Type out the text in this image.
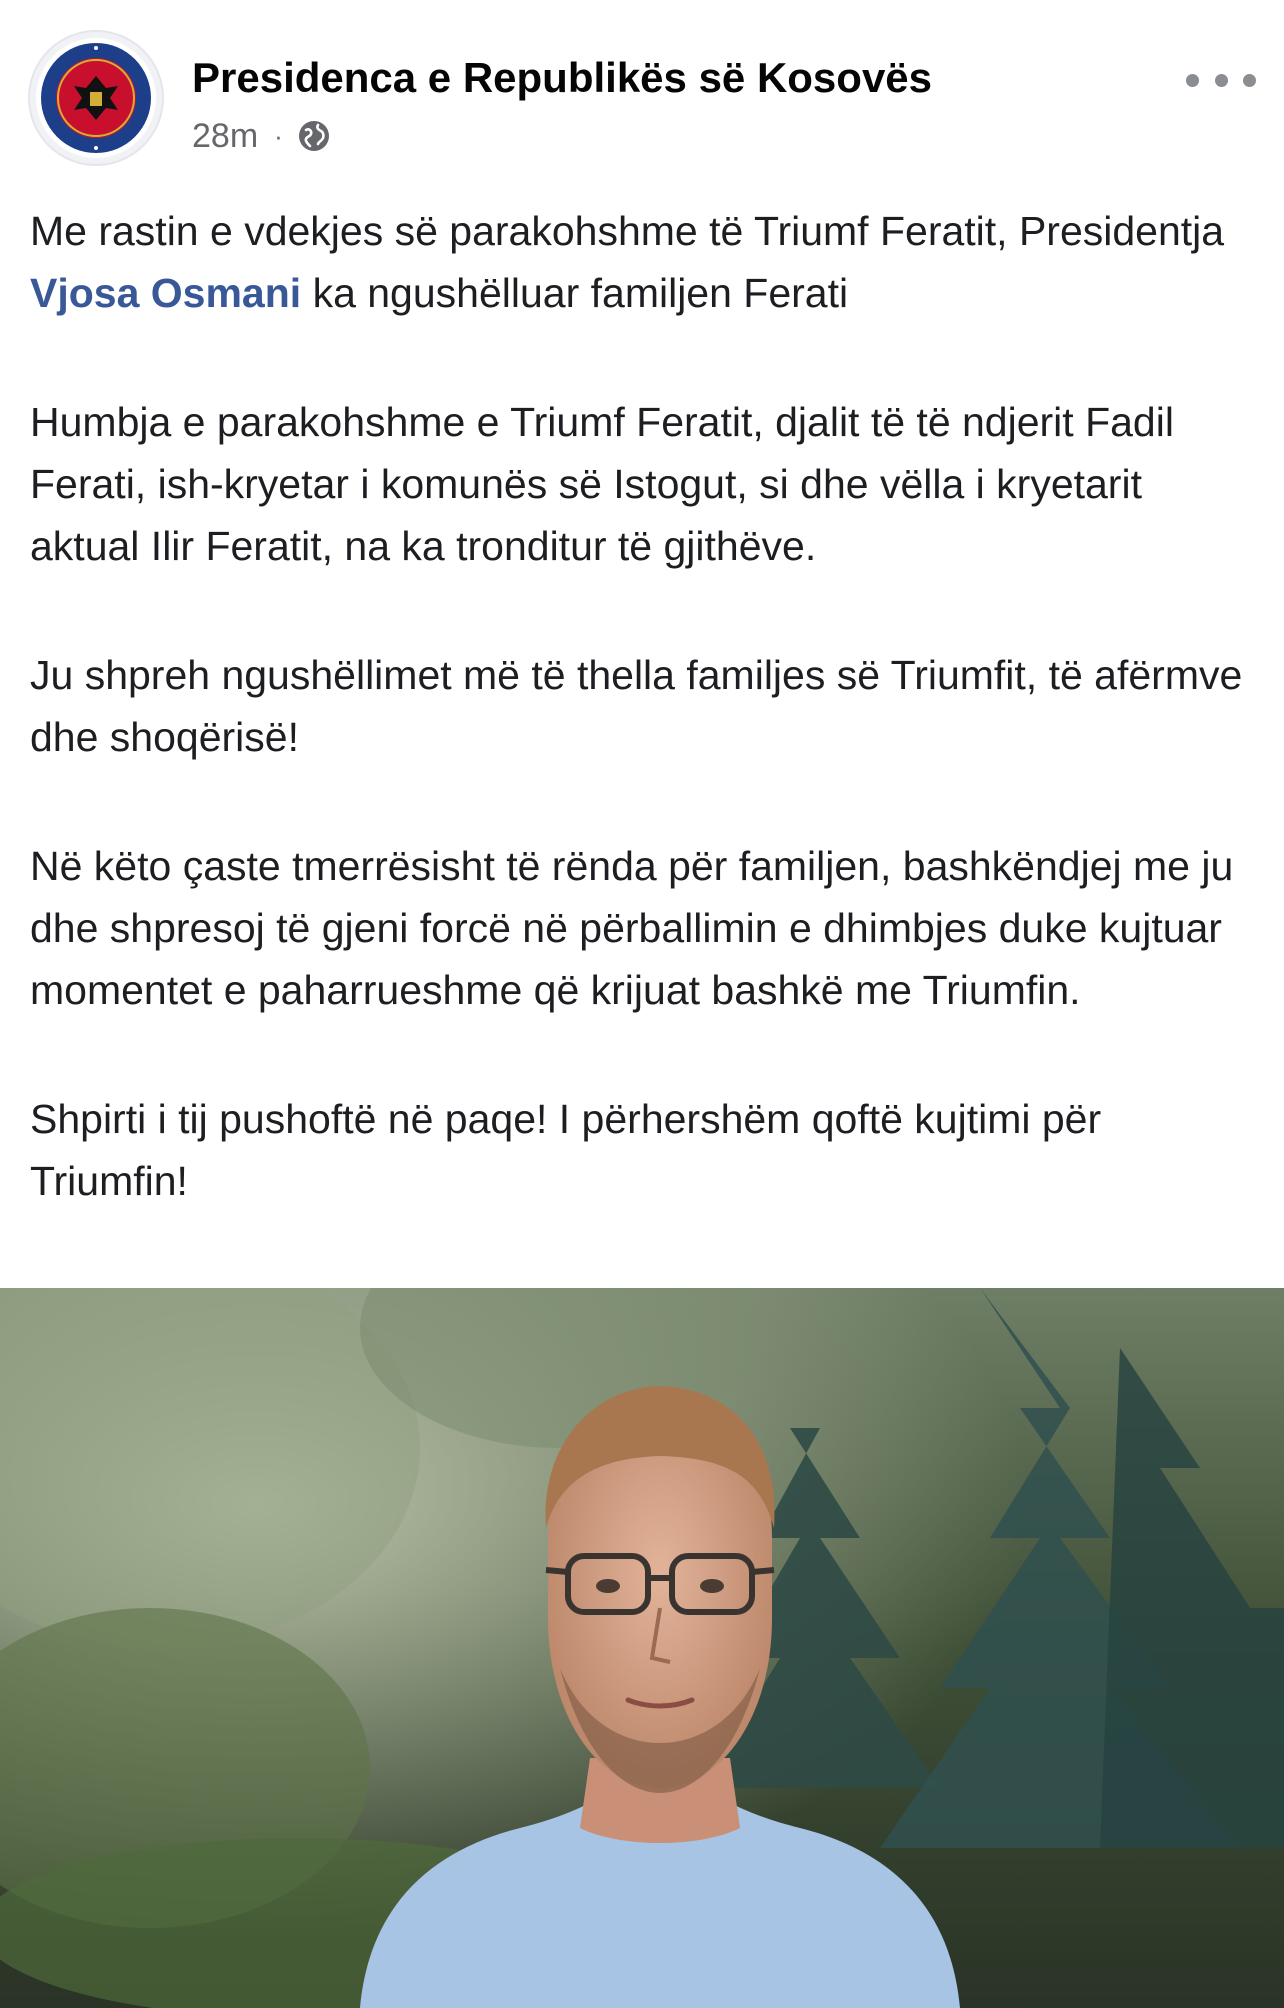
Presidenca e Republikës së Kosovës
28m ·

Me rastin e vdekjes së parakohshme të Triumf Feratit, Presidentja Vjosa Osmani ka ngushëlluar familjen Ferati

Humbja e parakohshme e Triumf Feratit, djalit të të ndjerit Fadil Ferati, ish-kryetar i komunës së Istogut, si dhe vëlla i kryetarit aktual Ilir Feratit, na ka tronditur të gjithëve.

Ju shpreh ngushëllimet më të thella familjes së Triumfit, të afërmve dhe shoqërisë!

Në këto çaste tmerrësisht të rënda për familjen, bashkëndjej me ju dhe shpresoj të gjeni forcë në përballimin e dhimbjes duke kujtuar momentet e paharrueshme që krijuat bashkë me Triumfin.

Shpirti i tij pushoftë në paqe! I përhershëm qoftë kujtimi për Triumfin!
